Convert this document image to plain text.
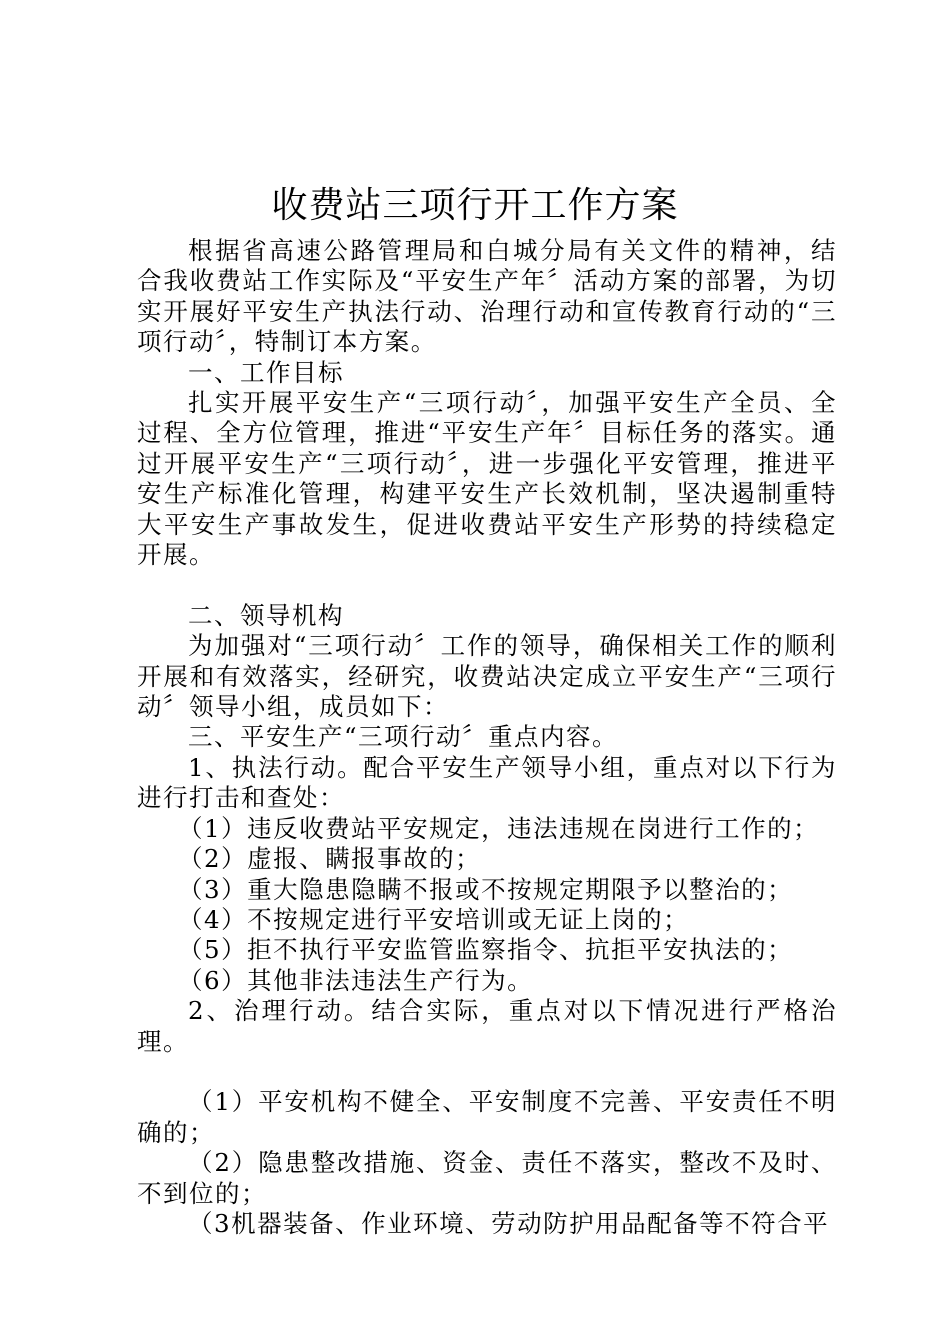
收费站三项行开工作方案

根据省高速公路管理局和白城分局有关文件的精神，结合我收费站工作实际及“平安生产年〞活动方案的部署，为切实开展好平安生产执法行动、治理行动和宣传教育行动的“三项行动〞，特制订本方案。

一、工作目标

扎实开展平安生产“三项行动〞，加强平安生产全员、全过程、全方位管理，推进“平安生产年〞目标任务的落实。通过开展平安生产“三项行动〞，进一步强化平安管理，推进平安生产标准化管理，构建平安生产长效机制，坚决遏制重特大平安生产事故发生，促进收费站平安生产形势的持续稳定开展。

二、领导机构

为加强对“三项行动〞工作的领导，确保相关工作的顺利开展和有效落实，经研究，收费站决定成立平安生产“三项行动〞领导小组，成员如下：

三、平安生产“三项行动〞重点内容。

1、执法行动。配合平安生产领导小组，重点对以下行为进行打击和查处：

（1）违反收费站平安规定，违法违规在岗进行工作的；

（2）虚报、瞒报事故的；

（3）重大隐患隐瞒不报或不按规定期限予以整治的；

（4）不按规定进行平安培训或无证上岗的；

（5）拒不执行平安监管监察指令、抗拒平安执法的；

（6）其他非法违法生产行为。

2、治理行动。结合实际，重点对以下情况进行严格治理。

（1）平安机构不健全、平安制度不完善、平安责任不明确的；

（2）隐患整改措施、资金、责任不落实，整改不及时、不到位的；

（3机器装备、作业环境、劳动防护用品配备等不符合平
